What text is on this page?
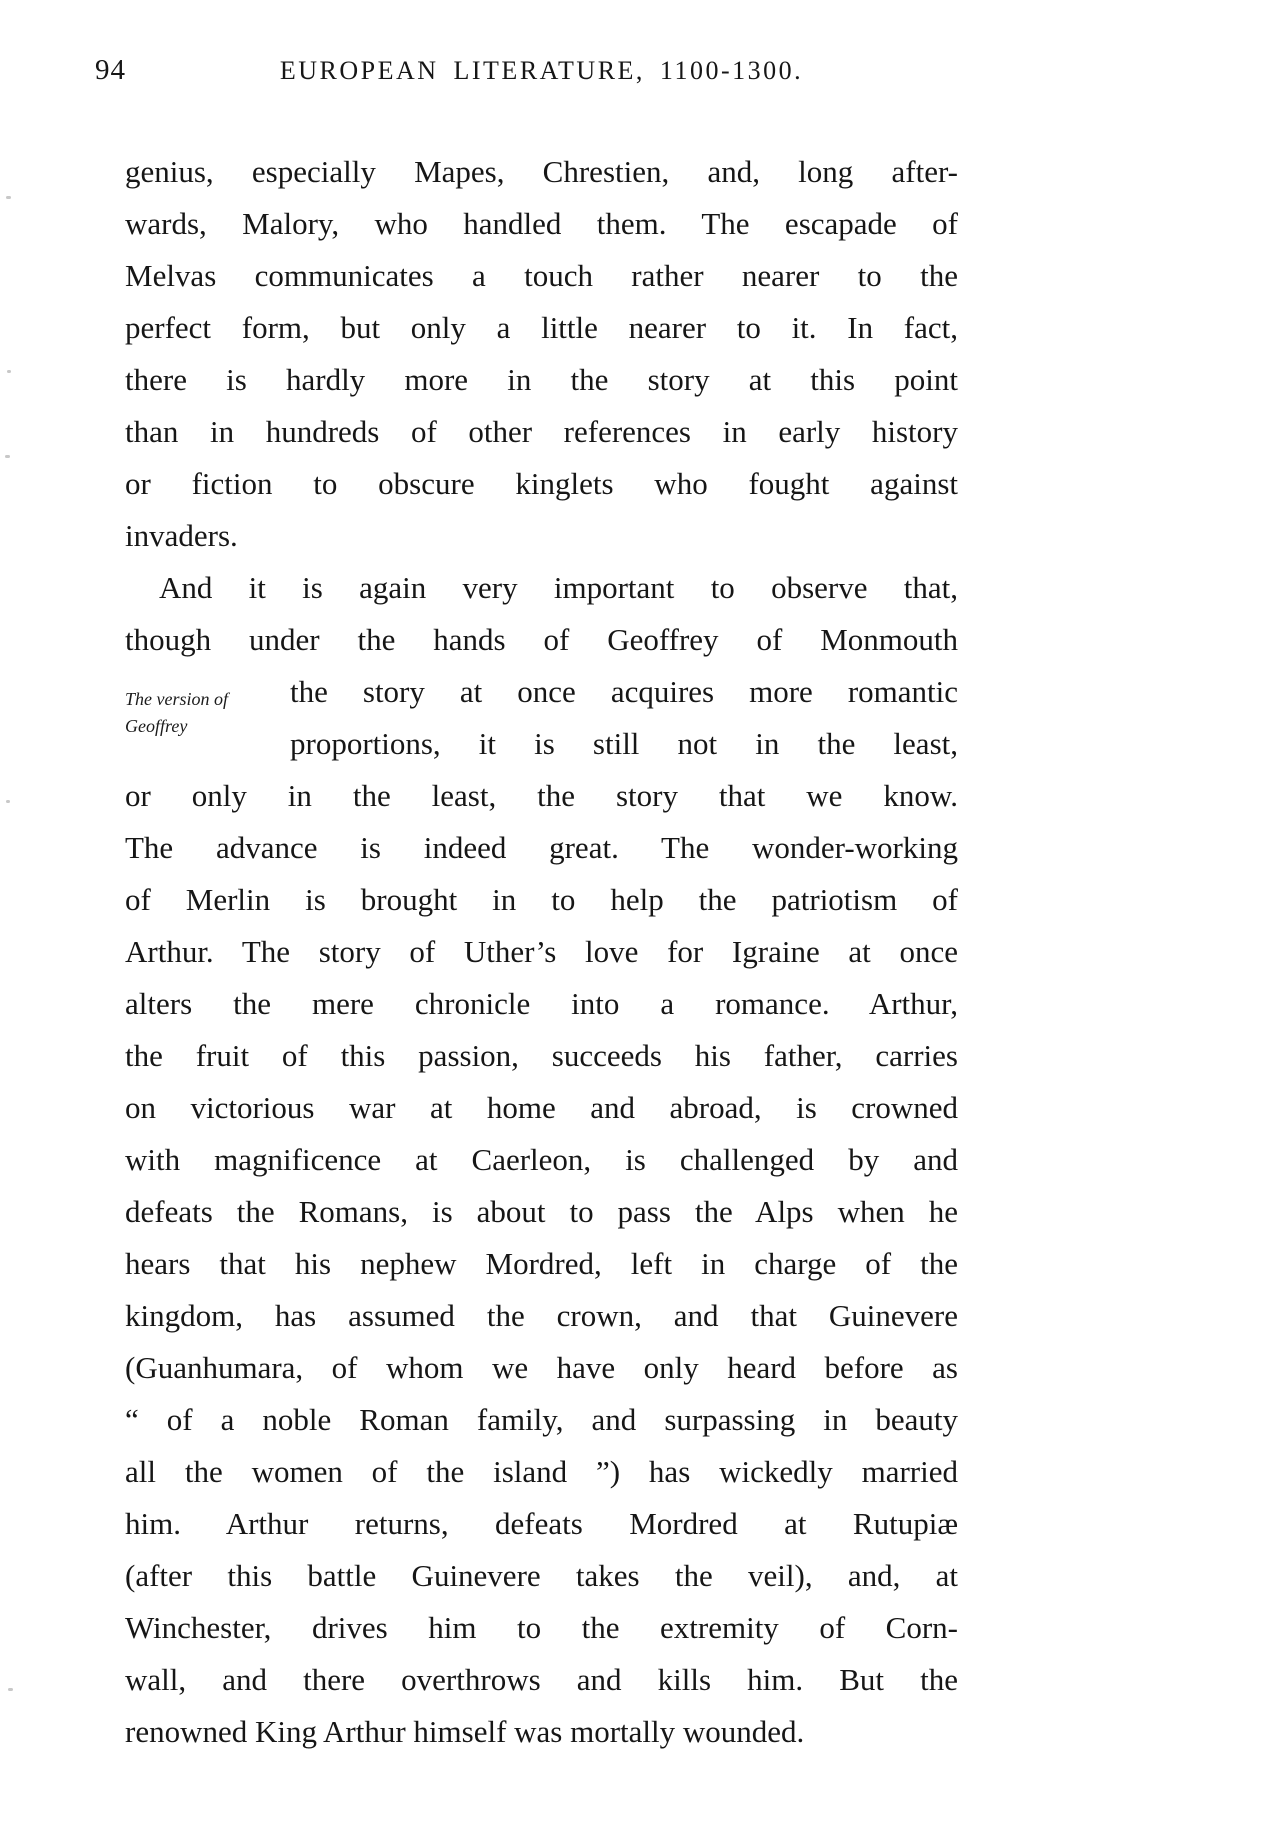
94	EUROPEAN LITERATURE, 1100-1300.
genius, especially Mapes, Chrestien, and, long after-
wards, Malory, who handled them. The escapade of
Melvas communicates a touch rather nearer to the
perfect form, but only a little nearer to it. In fact,
there is hardly more in the story at this point
than in hundreds of other references in early history
or fiction to obscure kinglets who fought against
invaders.
And it is again very important to observe that,
though under the hands of Geoffrey of Monmouth
the story at once acquires more romantic
proportions, it is still not in the least,
or only in the least, the story that we know.
The advance is indeed great. The wonder-working
of Merlin is brought in to help the patriotism of
Arthur. The story of Uther’s love for Igraine at once
alters the mere chronicle into a romance. Arthur,
the fruit of this passion, succeeds his father, carries
on victorious war at home and abroad, is crowned
with magnificence at Caerleon, is challenged by and
defeats the Romans, is about to pass the Alps when he
hears that his nephew Mordred, left in charge of the
kingdom, has assumed the crown, and that Guinevere
(Guanhumara, of whom we have only heard before as
“ of a noble Roman family, and surpassing in beauty
all the women of the island ”) has wickedly married
him. Arthur returns, defeats Mordred at Rutupiæ
(after this battle Guinevere takes the veil), and, at
Winchester, drives him to the extremity of Corn-
wall, and there overthrows and kills him. But the
renowned King Arthur himself was mortally wounded.
The version of
Geoffrey
